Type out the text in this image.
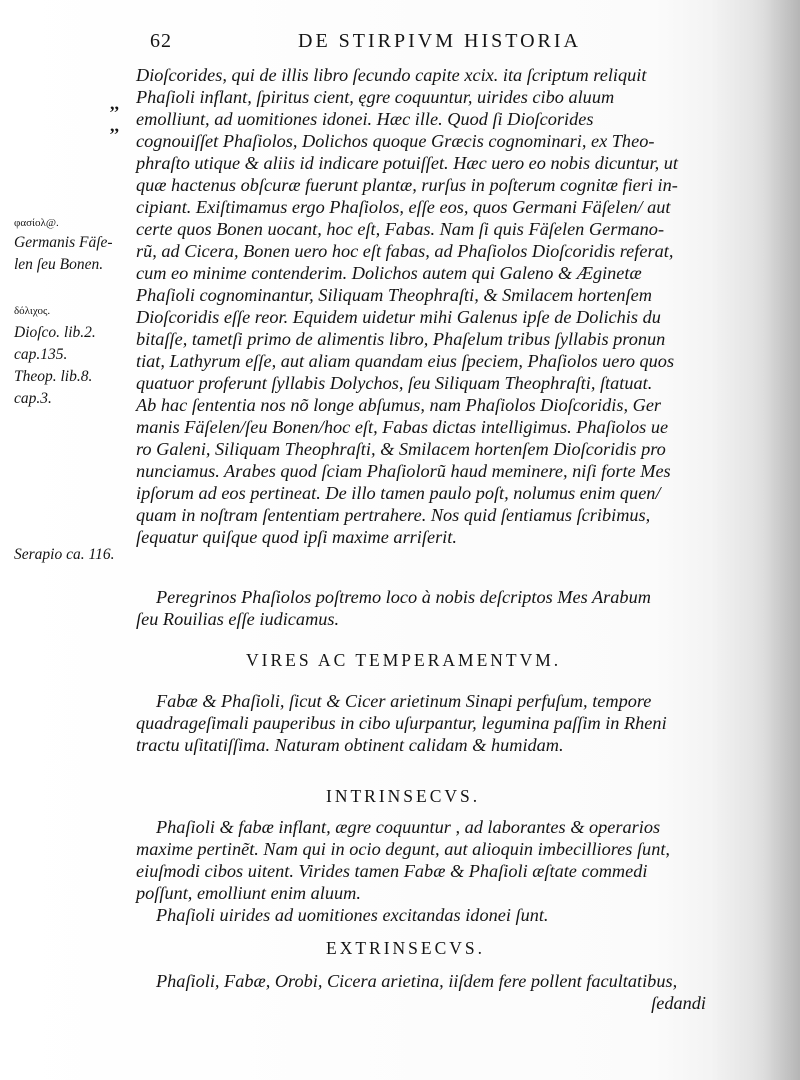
62	DE STIRPIVM HISTORIA
,,
,,
φασίολ@.
Germanis Fäſe-
len ſeu Bonen.
δόλιχος.
Dioſco. lib.2.
cap.135.
Theop. lib.8.
cap.3.
Serapio ca. 116.
Dioſcorides, qui de illis libro ſecundo capite xcix. ita ſcriptum reliquit
Phaſioli inflant, ſpiritus cient, ęgre coquuntur, uirides cibo aluum
emolliunt, ad uomitiones idonei. Hæc ille. Quod ſi Dioſcorides
cognouiſſet Phaſiolos, Dolichos quoque Græcis cognominari, ex Theo-
phraſto utique & aliis id indicare potuiſſet. Hæc uero eo nobis dicuntur, ut
quæ hactenus obſcuræ fuerunt plantæ, rurſus in poſterum cognitæ fieri in-
cipiant. Exiſtimamus ergo Phaſiolos, eſſe eos, quos Germani Fäſelen/ aut
certe quos Bonen uocant, hoc eſt, Fabas. Nam ſi quis Fäſelen Germano-
rũ, ad Cicera, Bonen uero hoc eſt fabas, ad Phaſiolos Dioſcoridis referat,
cum eo minime contenderim. Dolichos autem qui Galeno & Æginetæ
Phaſioli cognominantur, Siliquam Theophraſti, & Smilacem hortenſem
Dioſcoridis eſſe reor. Equidem uidetur mihi Galenus ipſe de Dolichis du
bitaſſe, tametſi primo de alimentis libro, Phaſelum tribus ſyllabis pronun
tiat, Lathyrum eſſe, aut aliam quandam eius ſpeciem, Phaſiolos uero quos
quatuor proferunt ſyllabis Dolychos, ſeu Siliquam Theophraſti, ſtatuat.
Ab hac ſententia nos nõ longe abſumus, nam Phaſiolos Dioſcoridis, Ger
manis Fäſelen/ſeu Bonen/hoc eſt, Fabas dictas intelligimus. Phaſiolos ue
ro Galeni, Siliquam Theophraſti, & Smilacem hortenſem Dioſcoridis pro
nunciamus. Arabes quod ſciam Phaſiolorũ haud meminere, niſi forte Mes
ipſorum ad eos pertineat. De illo tamen paulo poſt, nolumus enim quen/
quam in noſtram ſententiam pertrahere. Nos quid ſentiamus ſcribimus,
ſequatur quiſque quod ipſi maxime arriſerit.
Peregrinos Phaſiolos poſtremo loco à nobis deſcriptos Mes Arabum
ſeu Rouilias eſſe iudicamus.
VIRES AC TEMPERAMENTVM.
Fabæ & Phaſioli, ſicut & Cicer arietinum Sinapi perfuſum, tempore
quadrageſimali pauperibus in cibo uſurpantur, legumina paſſim in Rheni
tractu uſitatiſſima. Naturam obtinent calidam & humidam.
INTRINSECVS.
Phaſioli & fabæ inflant, ægre coquuntur , ad laborantes & operarios
maxime pertinẽt. Nam qui in ocio degunt, aut alioquin imbecilliores ſunt,
eiuſmodi cibos uitent. Virides tamen Fabæ & Phaſioli æſtate commedi
poſſunt, emolliunt enim aluum.
Phaſioli uirides ad uomitiones excitandas idonei ſunt.
EXTRINSECVS.
Phaſioli, Fabæ, Orobi, Cicera arietina, iiſdem fere pollent facultatibus,
ſedandi
